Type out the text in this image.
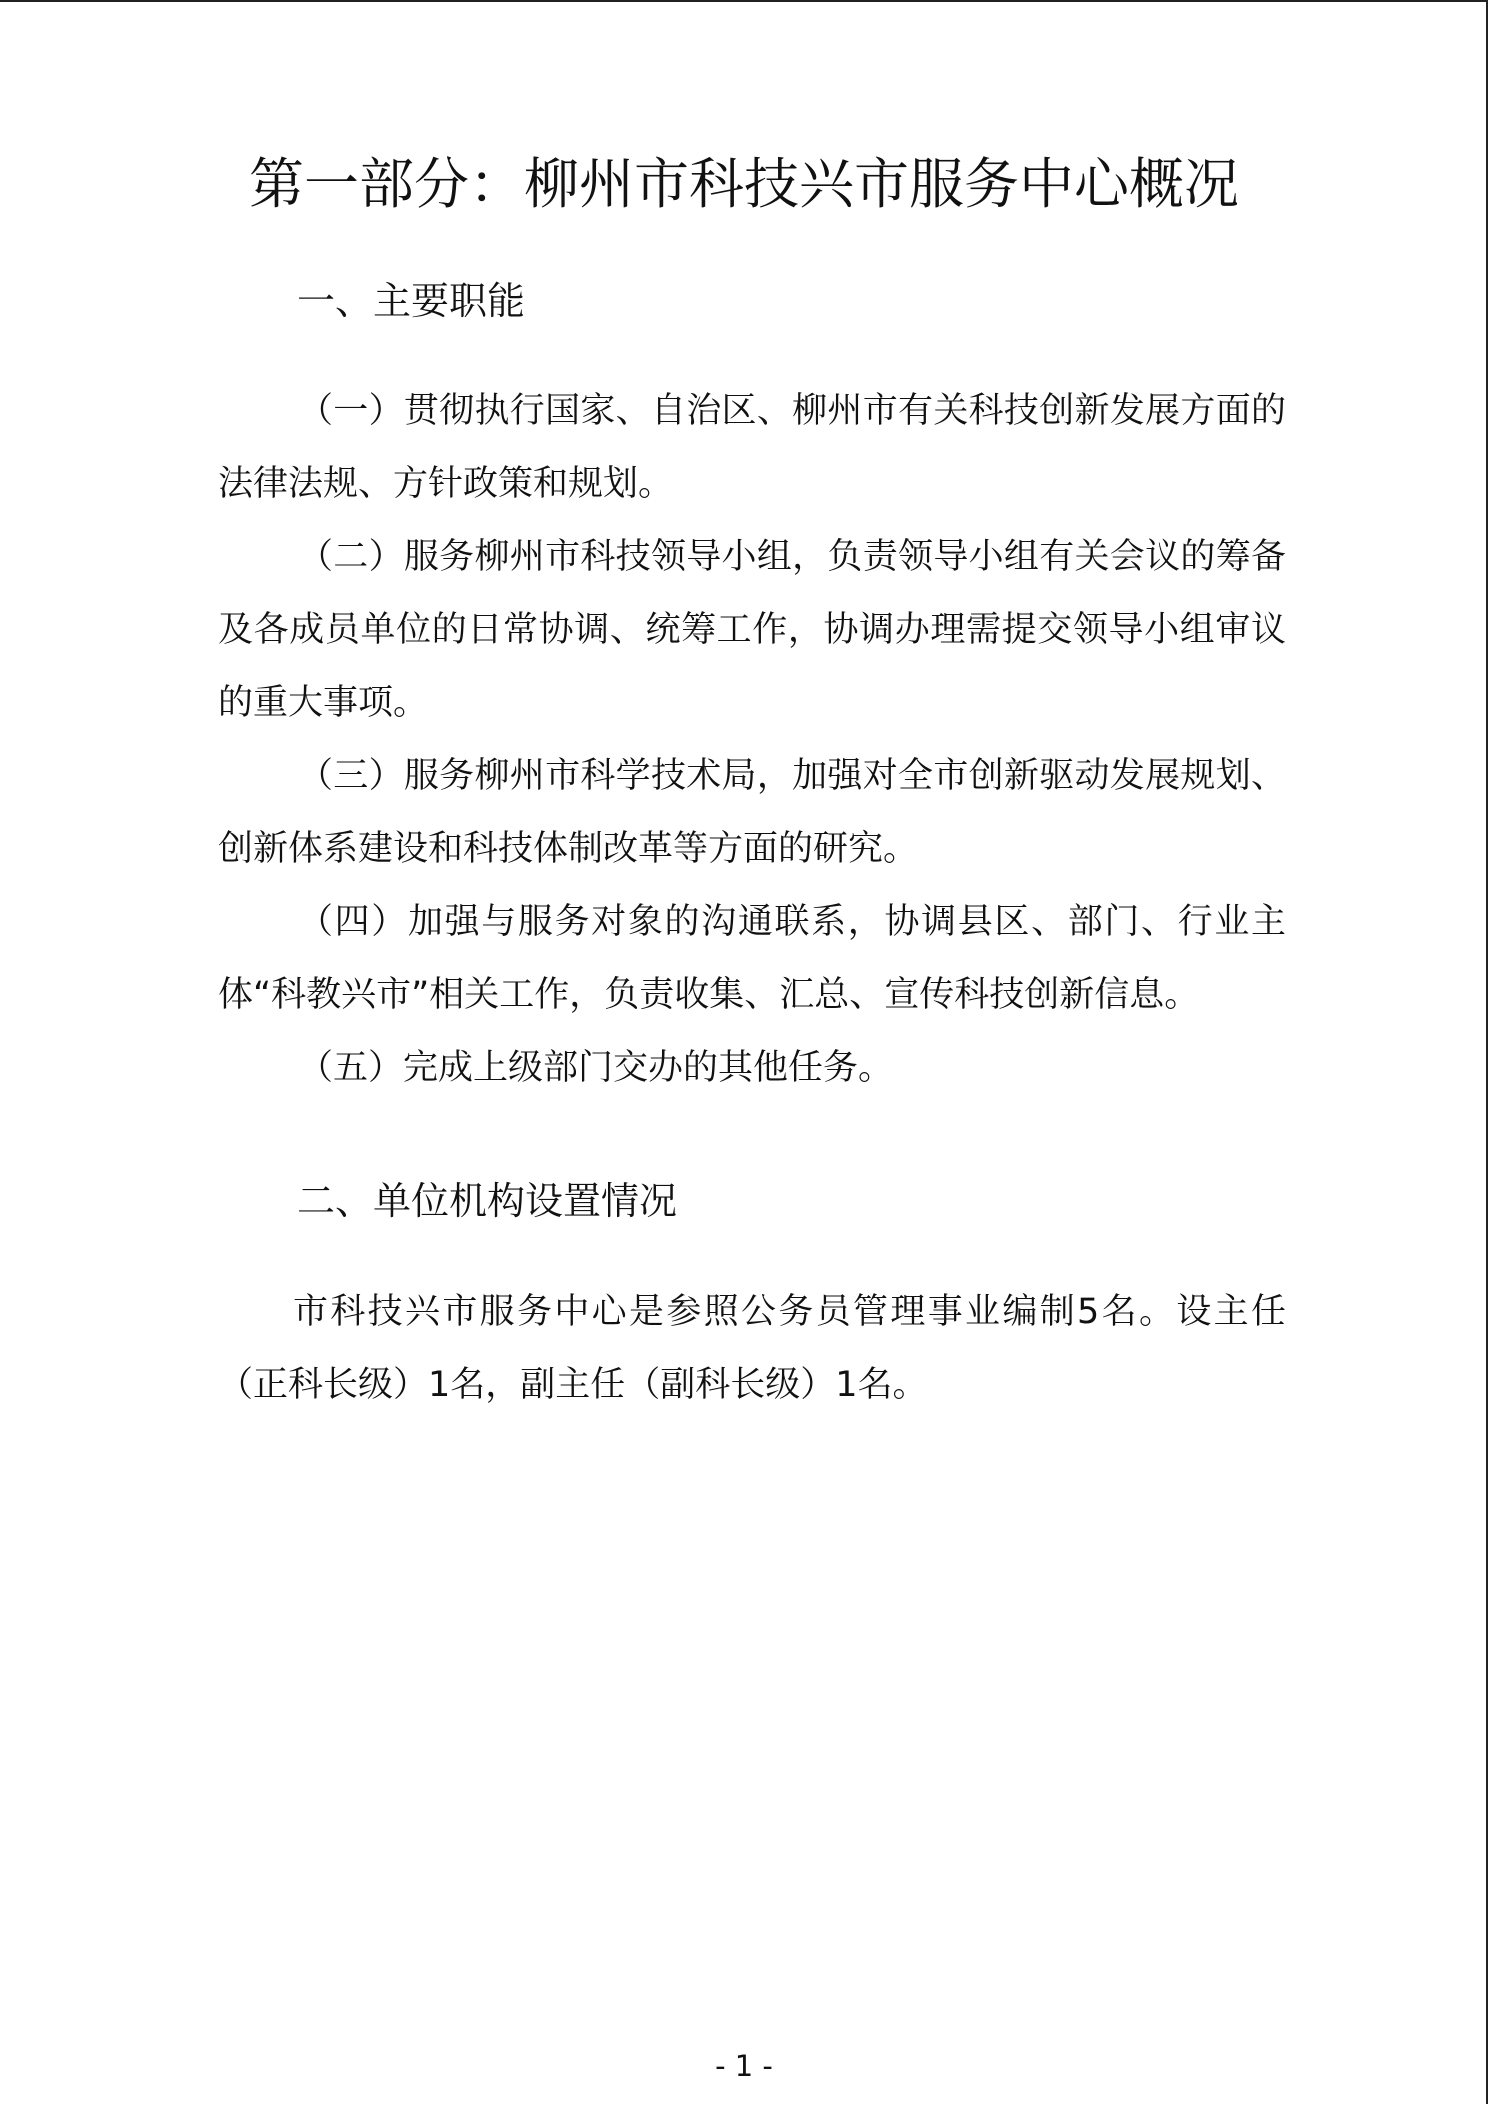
第一部分：柳州市科技兴市服务中心概况
一、主要职能

（一）贯彻执行国家、自治区、柳州市有关科技创新发展方面的法律法规、方针政策和规划。

（二）服务柳州市科技领导小组，负责领导小组有关会议的筹备及各成员单位的日常协调、统筹工作，协调办理需提交领导小组审议的重大事项。

（三）服务柳州市科学技术局，加强对全市创新驱动发展规划、创新体系建设和科技体制改革等方面的研究。

（四）加强与服务对象的沟通联系，协调县区、部门、行业主体“科教兴市”相关工作，负责收集、汇总、宣传科技创新信息。

（五）完成上级部门交办的其他任务。

二、单位机构设置情况

市科技兴市服务中心是参照公务员管理事业编制5名。设主任（正科长级）1名，副主任（副科长级）1名。

- 1 -
